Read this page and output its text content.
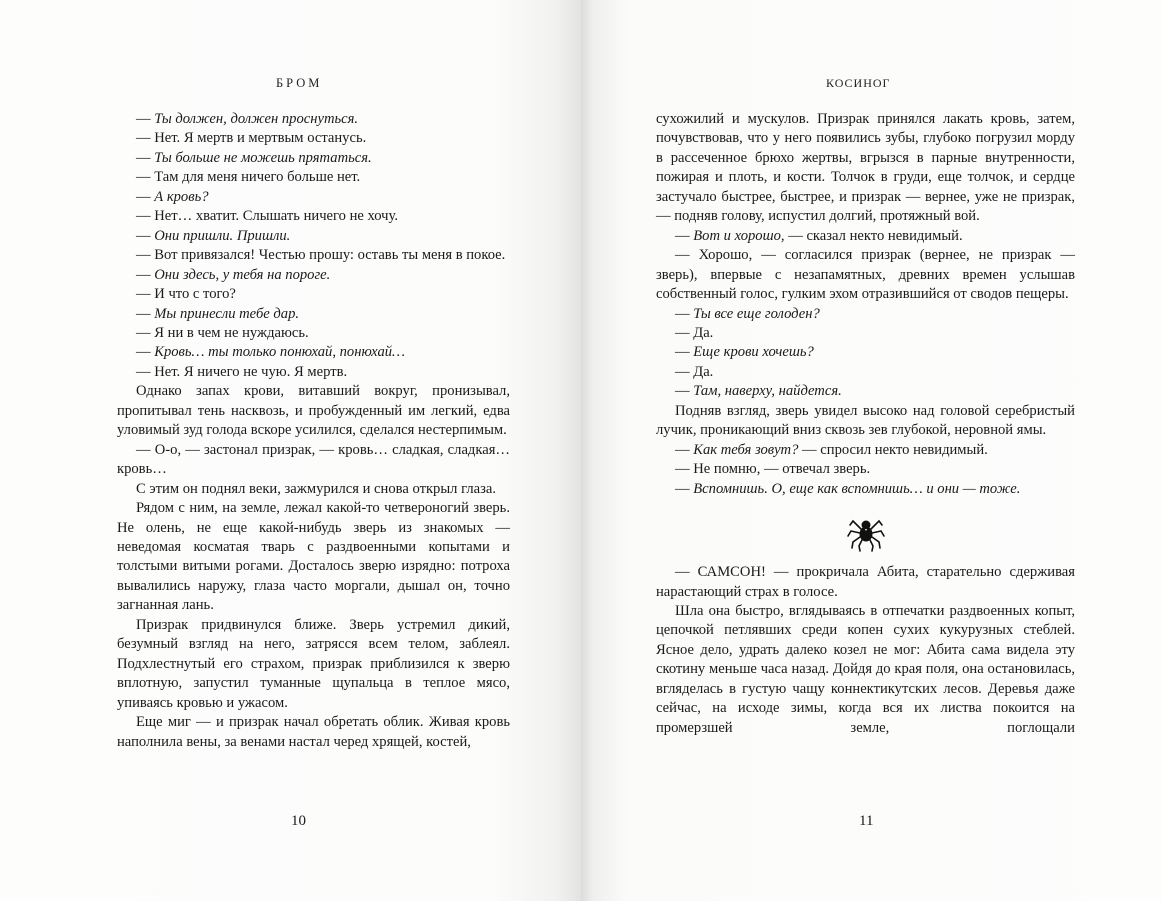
БРОМ

— Ты должен, должен проснуться.

— Нет. Я мертв и мертвым останусь.

— Ты больше не можешь прятаться.

— Там для меня ничего больше нет.

— А кровь?

— Нет… хватит. Слышать ничего не хочу.

— Они пришли. Пришли.

— Вот привязался! Честью прошу: оставь ты меня в покое.

— Они здесь, у тебя на пороге.

— И что с того?

— Мы принесли тебе дар.

— Я ни в чем не нуждаюсь.

— Кровь… ты только понюхай, понюхай…

— Нет. Я ничего не чую. Я мертв.

Однако запах крови, витавший вокруг, пронизывал, пропитывал тень насквозь, и пробужденный им легкий, едва уловимый зуд голода вскоре усилился, сделался нестерпимым.

— О-о, — застонал призрак, — кровь… сладкая, сладкая… кровь…

С этим он поднял веки, зажмурился и снова открыл глаза.

Рядом с ним, на земле, лежал какой-то четвероногий зверь. Не олень, не еще какой-нибудь зверь из знакомых — неведомая косматая тварь с раздвоенными копытами и толстыми витыми рогами. Досталось зверю изрядно: потроха вывалились наружу, глаза часто моргали, дышал он, точно загнанная лань.

Призрак придвинулся ближе. Зверь устремил дикий, безумный взгляд на него, затрясся всем телом, заблеял. Подхлестнутый его страхом, призрак приблизился к зверю вплотную, запустил туманные щупальца в теплое мясо, упиваясь кровью и ужасом.

Еще миг — и призрак начал обретать облик. Живая кровь наполнила вены, за венами настал черед хрящей, костей,

10
КОСИНОГ

сухожилий и мускулов. Призрак принялся лакать кровь, затем, почувствовав, что у него появились зубы, глубоко погрузил морду в рассеченное брюхо жертвы, вгрызся в парные внутренности, пожирая и плоть, и кости. Толчок в груди, еще толчок, и сердце застучало быстрее, быстрее, и призрак — вернее, уже не призрак, — подняв голову, испустил долгий, протяжный вой.

— Вот и хорошо, — сказал некто невидимый.

— Хорошо, — согласился призрак (вернее, не призрак — зверь), впервые с незапамятных, древних времен услышав собственный голос, гулким эхом отразившийся от сводов пещеры.

— Ты все еще голоден?

— Да.

— Еще крови хочешь?

— Да.

— Там, наверху, найдется.

Подняв взгляд, зверь увидел высоко над головой серебристый лучик, проникающий вниз сквозь зев глубокой, неровной ямы.

— Как тебя зовут? — спросил некто невидимый.

— Не помню, — отвечал зверь.

— Вспомнишь. О, еще как вспомнишь… и они — тоже.

— САМСОН! — прокричала Абита, старательно сдерживая нарастающий страх в голосе.

Шла она быстро, вглядываясь в отпечатки раздвоенных копыт, цепочкой петлявших среди копен сухих кукурузных стеблей. Ясное дело, удрать далеко козел не мог: Абита сама видела эту скотину меньше часа назад. Дойдя до края поля, она остановилась, вгляделась в густую чащу коннектикутских лесов. Деревья даже сейчас, на исходе зимы, когда вся их листва покоится на промерзшей земле, поглощали

11
